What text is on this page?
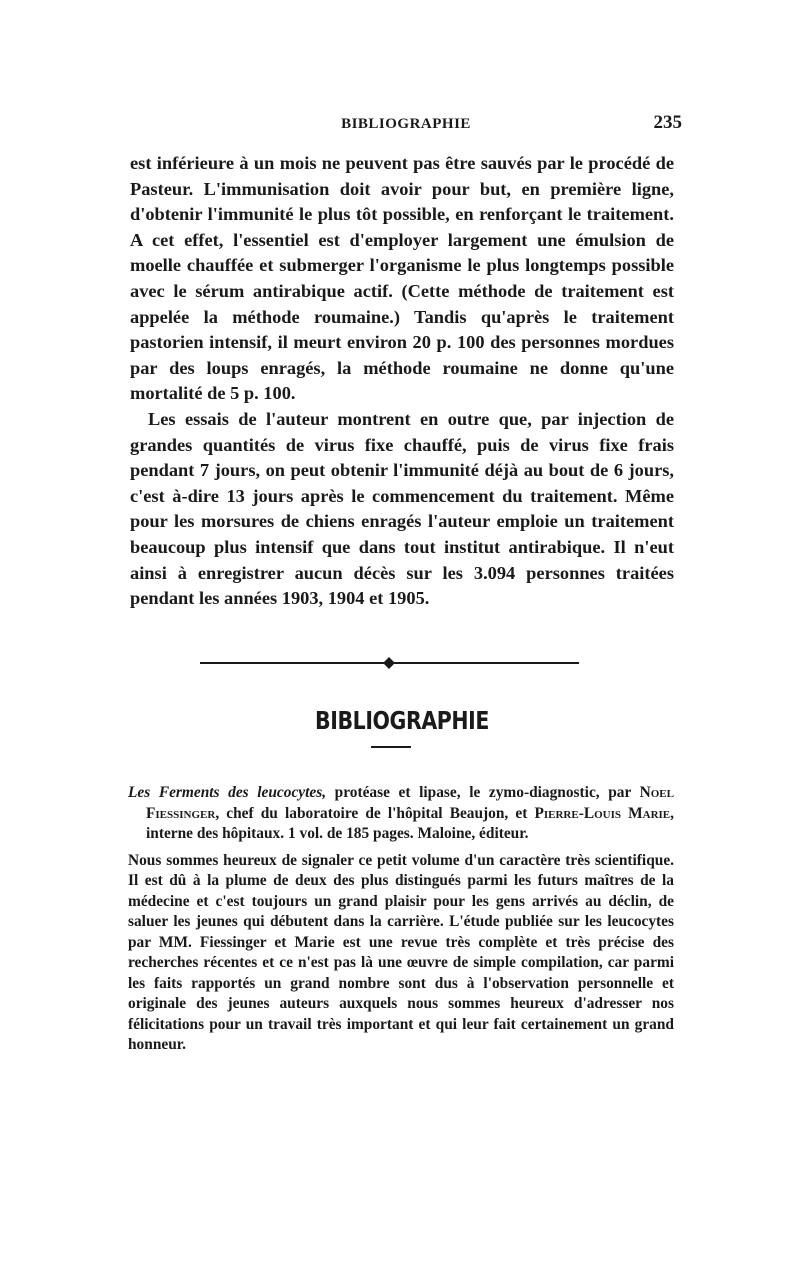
BIBLIOGRAPHIE	235

est inférieure à un mois ne peuvent pas être sauvés par le procédé de Pasteur. L'immunisation doit avoir pour but, en première ligne, d'obtenir l'immunité le plus tôt possible, en renforçant le traitement. A cet effet, l'essentiel est d'employer largement une émulsion de moelle chauffée et submerger l'organisme le plus longtemps possible avec le sérum antirabique actif. (Cette méthode de traitement est appelée la méthode roumaine.) Tandis qu'après le traitement pastorien intensif, il meurt environ 20 p. 100 des personnes mordues par des loups enragés, la méthode roumaine ne donne qu'une mortalité de 5 p. 100.

Les essais de l'auteur montrent en outre que, par injection de grandes quantités de virus fixe chauffé, puis de virus fixe frais pendant 7 jours, on peut obtenir l'immunité déjà au bout de 6 jours, c'est à-dire 13 jours après le commencement du traitement. Même pour les morsures de chiens enragés l'auteur emploie un traitement beaucoup plus intensif que dans tout institut antirabique. Il n'eut ainsi à enregistrer aucun décès sur les 3.094 personnes traitées pendant les années 1903, 1904 et 1905.

BIBLIOGRAPHIE

Les Ferments des leucocytes, protéase et lipase, le zymo-diagnostic, par Noel Fiessinger, chef du laboratoire de l'hôpital Beaujon, et Pierre-Louis Marie, interne des hôpitaux. 1 vol. de 185 pages. Maloine, éditeur.

Nous sommes heureux de signaler ce petit volume d'un caractère très scientifique. Il est dû à la plume de deux des plus distingués parmi les futurs maîtres de la médecine et c'est toujours un grand plaisir pour les gens arrivés au déclin, de saluer les jeunes qui débutent dans la carrière. L'étude publiée sur les leucocytes par MM. Fiessinger et Marie est une revue très complète et très précise des recherches récentes et ce n'est pas là une œuvre de simple compilation, car parmi les faits rapportés un grand nombre sont dus à l'observation personnelle et originale des jeunes auteurs auxquels nous sommes heureux d'adresser nos félicitations pour un travail très important et qui leur fait certainement un grand honneur.
